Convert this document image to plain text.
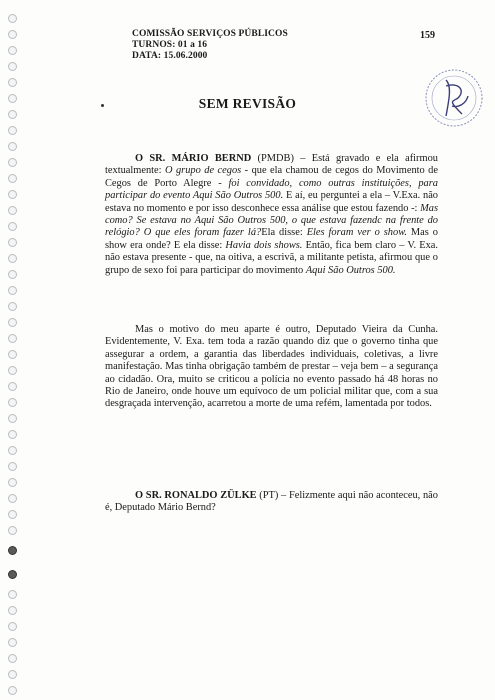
COMISSÃO SERVIÇOS PÚBLICOS
TURNOS: 01 a 16
DATA: 15.06.2000
159
SEM REVISÃO
O SR. MÁRIO BERND (PMDB) – Está gravado e ela afirmou textualmente: O grupo de cegos - que ela chamou de cegos do Movimento de Cegos de Porto Alegre - foi convidado, como outras instituições, para participar do evento Aqui São Outros 500. E aí, eu perguntei a ela – V.Exa. não estava no momento e por isso desconhece essa análise que estou fazendo -: Mas como? Se estava no Aqui São Outros 500, o que estava fazendc na frente do relógio? O que eles foram fazer lá?Ela disse: Eles foram ver o show. Mas o show era onde? E ela disse: Havia dois shows. Então, fica bem claro – V. Exa. não estava presente - que, na oitiva, a escrivã, a militante petista, afirmou que o grupo de sexo foi para participar do movimento Aqui São Outros 500.
Mas o motivo do meu aparte é outro, Deputado Vieira da Cunha. Evidentemente, V. Exa. tem toda a razão quando diz que o governo tinha que assegurar a ordem, a garantia das liberdades individuais, coletivas, a livre manifestação. Mas tinha obrigação também de prestar – veja bem – a segurança ao cidadão. Ora, muito se criticou a polícia no evento passado há 48 horas no Rio de Janeiro, onde houve um equívoco de um policial militar que, com a sua desgraçada intervenção, acarretou a morte de uma refém, lamentada por todos.
O SR. RONALDO ZÜLKE (PT) – Felizmente aqui não aconteceu, não é, Deputado Mário Bernd?
